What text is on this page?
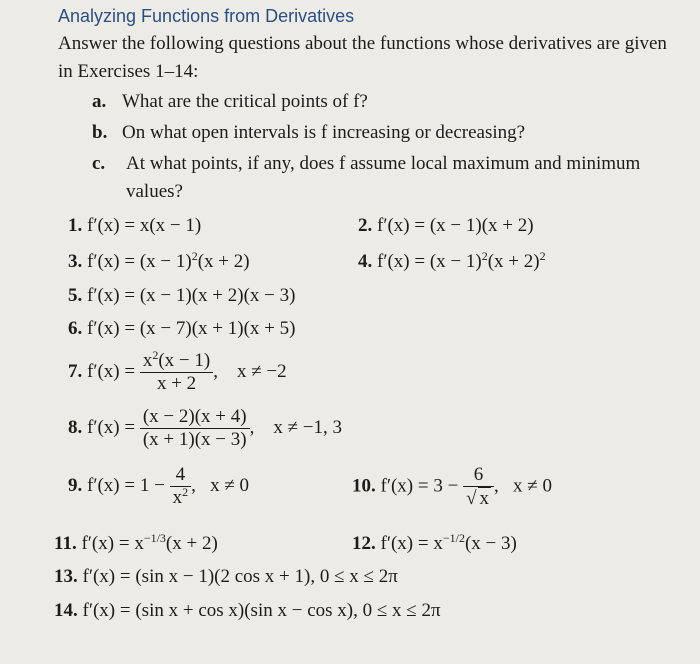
Analyzing Functions from Derivatives
Answer the following questions about the functions whose derivatives are given in Exercises 1–14:
a. What are the critical points of f?
b. On what open intervals is f increasing or decreasing?
c.	At what points, if any, does f assume local maximum and minimum values?
1. f′(x) = x(x − 1)	2. f′(x) = (x − 1)(x + 2)
3. $f'(x) = (x - 1)^2(x + 2)$	4. $f'(x) = (x - 1)^2(x + 2)^2$
5. f′(x) = (x − 1)(x + 2)(x − 3)
6. f′(x) = (x − 7)(x + 1)(x + 5)
7. $f'(x) = \frac{x^2(x - 1)}{x + 2}$ ,    x ≠ −2
8. $f'(x) = \frac{(x - 2)(x + 4)}{(x + 1)(x - 3)}$ ,    x ≠ −1, 3
9. $f'(x) = 1 - \frac{4}{x^2}$ ,   x ≠ 0	10. $f'(x) = 3 - \frac{6}{√ x}$ ,   x ≠ 0
11. $f'(x) = x^{-1/3}(x + 2)$	12. $f'(x) = x^{-1/2}(x - 3)$
13. f′(x) = (sin x − 1)(2 cos x + 1), 0 ≤ x ≤ 2π
14. f′(x) = (sin x + cos x)(sin x − cos x), 0 ≤ x ≤ 2π
